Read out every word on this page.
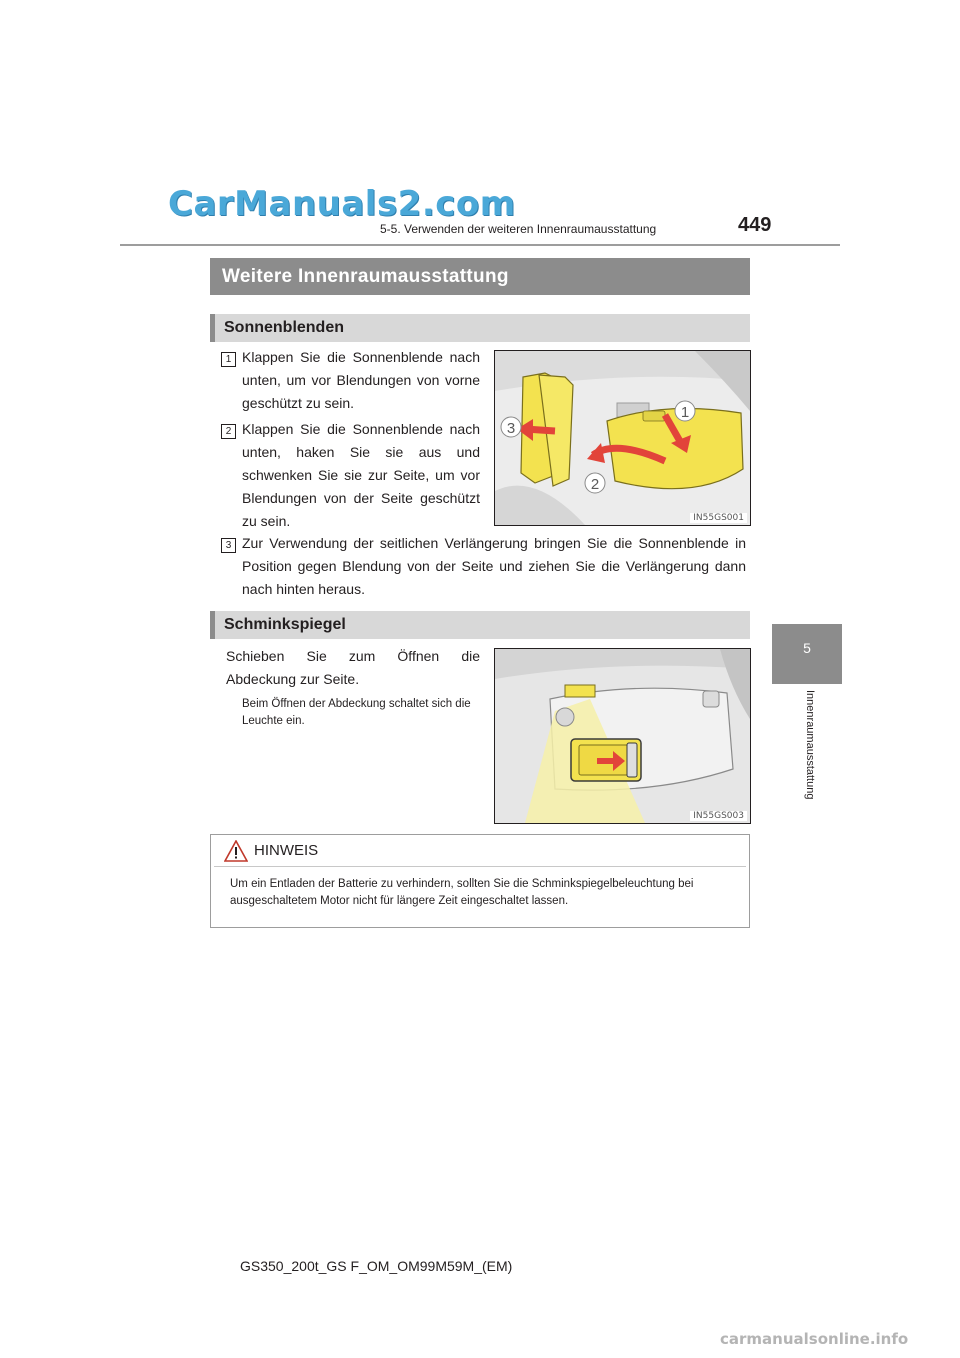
CarManuals2.com
5-5. Verwenden der weiteren Innenraumausstattung	449
5
Innenraumausstattung
Weitere Innenraumausstattung
Sonnenblenden
1 Klappen Sie die Sonnenblende nach unten, um vor Blendungen von vorne geschützt zu sein.
2 Klappen Sie die Sonnenblende nach unten, haken Sie sie aus und schwenken Sie sie zur Seite, um vor Blendungen von der Seite geschützt zu sein.
1
3
2
IN55GS001
3 Zur Verwendung der seitlichen Verlängerung bringen Sie die Sonnenblende in Position gegen Blendung von der Seite und ziehen Sie die Verlängerung dann nach hinten heraus.
Schminkspiegel
Schieben Sie zum Öffnen die Abdeckung zur Seite.
Beim Öffnen der Abdeckung schaltet sich die Leuchte ein.
IN55GS003
HINWEIS
Um ein Entladen der Batterie zu verhindern, sollten Sie die Schminkspiegelbeleuchtung bei ausgeschaltetem Motor nicht für längere Zeit eingeschaltet lassen.
GS350_200t_GS F_OM_OM99M59M_(EM)
carmanualsonline.info
